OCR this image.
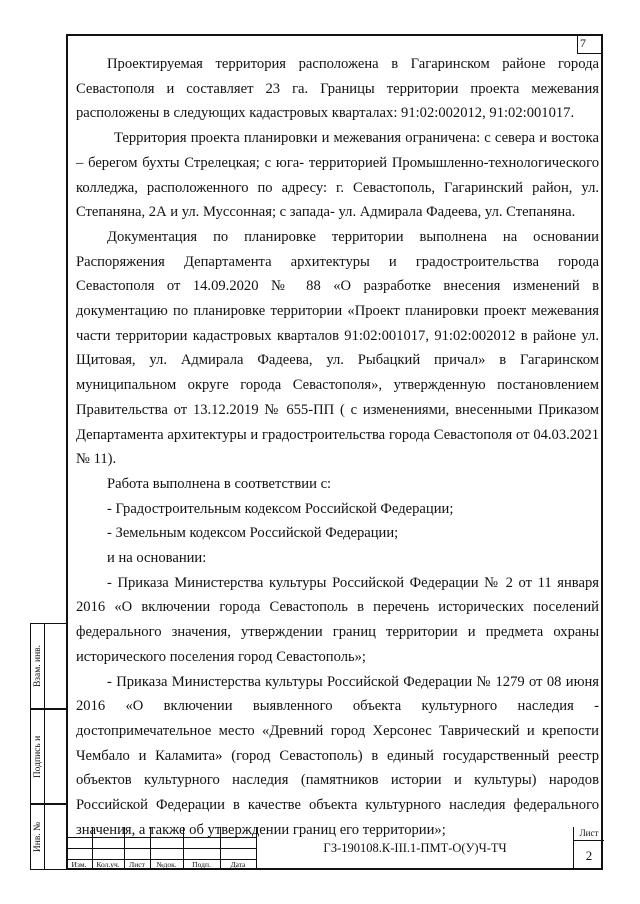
7

Проектируемая территория расположена в Гагаринском районе города Севастополя и составляет 23 га. Границы территории проекта межевания расположены в следующих кадастровых кварталах: 91:02:002012, 91:02:001017.

Территория проекта планировки и межевания ограничена: с севера и востока – берегом бухты Стрелецкая; с юга- территорией Промышленно-технологического колледжа, расположенного по адресу: г. Севастополь, Гагаринский район, ул. Степаняна, 2А и ул. Муссонная; с запада- ул. Адмирала Фадеева, ул. Степаняна.

Документация по планировке территории выполнена на основании Распоряжения Департамента архитектуры и градостроительства города Севастополя от 14.09.2020 № 88 «О разработке внесения изменений в документацию по планировке территории «Проект планировки проект межевания части территории кадастровых кварталов 91:02:001017, 91:02:002012 в районе ул. Щитовая, ул. Адмирала Фадеева, ул. Рыбацкий причал» в Гагаринском муниципальном округе города Севастополя», утвержденную постановлением Правительства от 13.12.2019 № 655-ПП ( с изменениями, внесенными Приказом Департамента архитектуры и градостроительства города Севастополя от 04.03.2021 № 11).

Работа выполнена в соответствии с:

- Градостроительным кодексом Российской Федерации;

- Земельным кодексом Российской Федерации;

и на основании:

- Приказа Министерства культуры Российской Федерации № 2 от 11 января 2016 «О включении города Севастополь в перечень исторических поселений федерального значения, утверждении границ территории и предмета охраны исторического поселения город Севастополь»;

- Приказа Министерства культуры Российской Федерации № 1279 от 08 июня 2016 «О включении выявленного объекта культурного наследия - достопримечательное место «Древний город Херсонес Таврический и крепости Чембало и Каламита» (город Севастополь) в единый государственный реестр объектов культурного наследия (памятников истории и культуры) народов Российской Федерации в качестве объекта культурного наследия федерального значения, а также об утверждении границ его территории»;

Взам. инв.
Подпись и
Инв. №
Изм.	Кол.уч.	Лист	№док.	Подп.	Дата
ГЗ-190108.К-III.1-ПМТ-О(У)Ч-ТЧ
Лист
2
